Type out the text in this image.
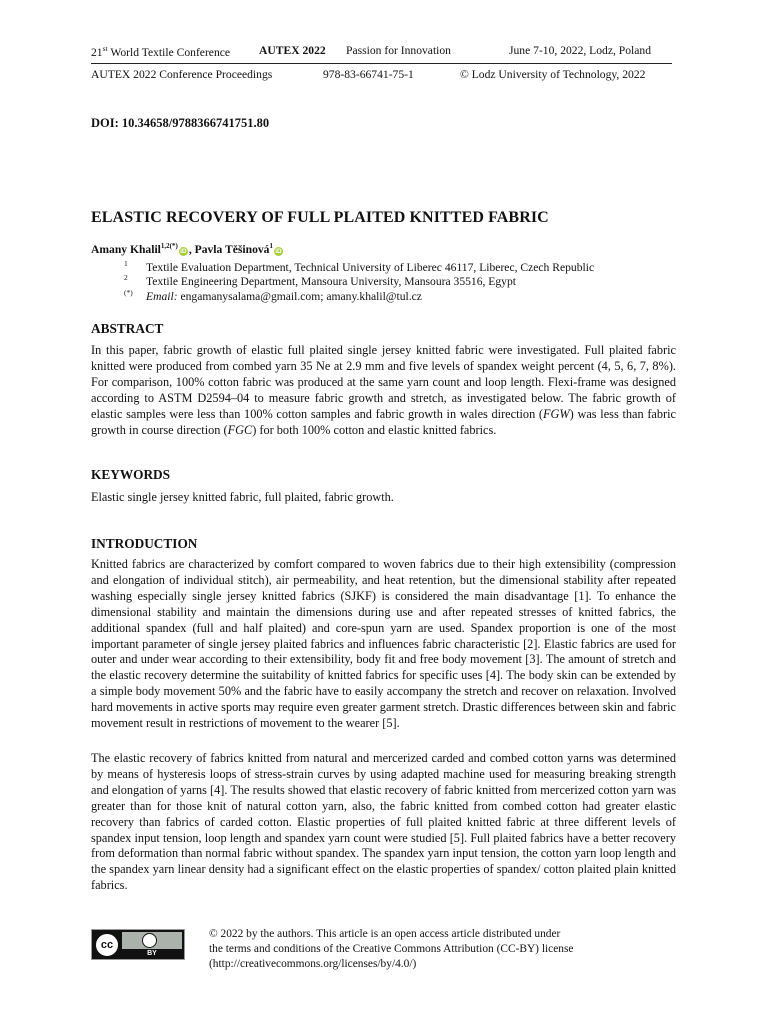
21st World Textile Conference AUTEX 2022 Passion for Innovation	June 7-10, 2022, Lodz, Poland
AUTEX 2022 Conference Proceedings	978-83-66741-75-1	© Lodz University of Technology, 2022
DOI: 10.34658/9788366741751.80
ELASTIC RECOVERY OF FULL PLAITED KNITTED FABRIC
Amany Khalil$^{1,2(*)}$iD , Pavla Těšinová$^1$iD
1 Textile Evaluation Department, Technical University of Liberec 46117, Liberec, Czech Republic
2 Textile Engineering Department, Mansoura University, Mansoura 35516, Egypt
(*) Email: engamanysalama@gmail.com; amany.khalil@tul.cz
ABSTRACT
In this paper, fabric growth of elastic full plaited single jersey knitted fabric were investigated. Full plaited fabric knitted were produced from combed yarn 35 Ne at 2.9 mm and five levels of spandex weight percent (4, 5, 6, 7, 8%). For comparison, 100% cotton fabric was produced at the same yarn count and loop length. Flexi-frame was designed according to ASTM D2594–04 to measure fabric growth and stretch, as investigated below. The fabric growth of elastic samples were less than 100% cotton samples and fabric growth in wales direction (FGW) was less than fabric growth in course direction (FGC) for both 100% cotton and elastic knitted fabrics.
KEYWORDS
Elastic single jersey knitted fabric, full plaited, fabric growth.
INTRODUCTION
Knitted fabrics are characterized by comfort compared to woven fabrics due to their high extensibility (compression and elongation of individual stitch), air permeability, and heat retention, but the dimensional stability after repeated washing especially single jersey knitted fabrics (SJKF) is considered the main disadvantage [1]. To enhance the dimensional stability and maintain the dimensions during use and after repeated stresses of knitted fabrics, the additional spandex (full and half plaited) and core-spun yarn are used. Spandex proportion is one of the most important parameter of single jersey plaited fabrics and influences fabric characteristic [2]. Elastic fabrics are used for outer and under wear according to their extensibility, body fit and free body movement [3]. The amount of stretch and the elastic recovery determine the suitability of knitted fabrics for specific uses [4]. The body skin can be extended by a simple body movement 50% and the fabric have to easily accompany the stretch and recover on relaxation. Involved hard movements in active sports may require even greater garment stretch. Drastic differences between skin and fabric movement result in restrictions of movement to the wearer [5].
The elastic recovery of fabrics knitted from natural and mercerized carded and combed cotton yarns was determined by means of hysteresis loops of stress-strain curves by using adapted machine used for measuring breaking strength and elongation of yarns [4]. The results showed that elastic recovery of fabric knitted from mercerized cotton yarn was greater than for those knit of natural cotton yarn, also, the fabric knitted from combed cotton had greater elastic recovery than fabrics of carded cotton. Elastic properties of full plaited knitted fabric at three different levels of spandex input tension, loop length and spandex yarn count were studied [5]. Full plaited fabrics have a better recovery from deformation than normal fabric without spandex. The spandex yarn input tension, the cotton yarn loop length and the spandex yarn linear density had a significant effect on the elastic properties of spandex/ cotton plaited plain knitted fabrics.
cc
BY
© 2022 by the authors. This article is an open access article distributed under
the terms and conditions of the Creative Commons Attribution (CC-BY) license
(http://creativecommons.org/licenses/by/4.0/)
